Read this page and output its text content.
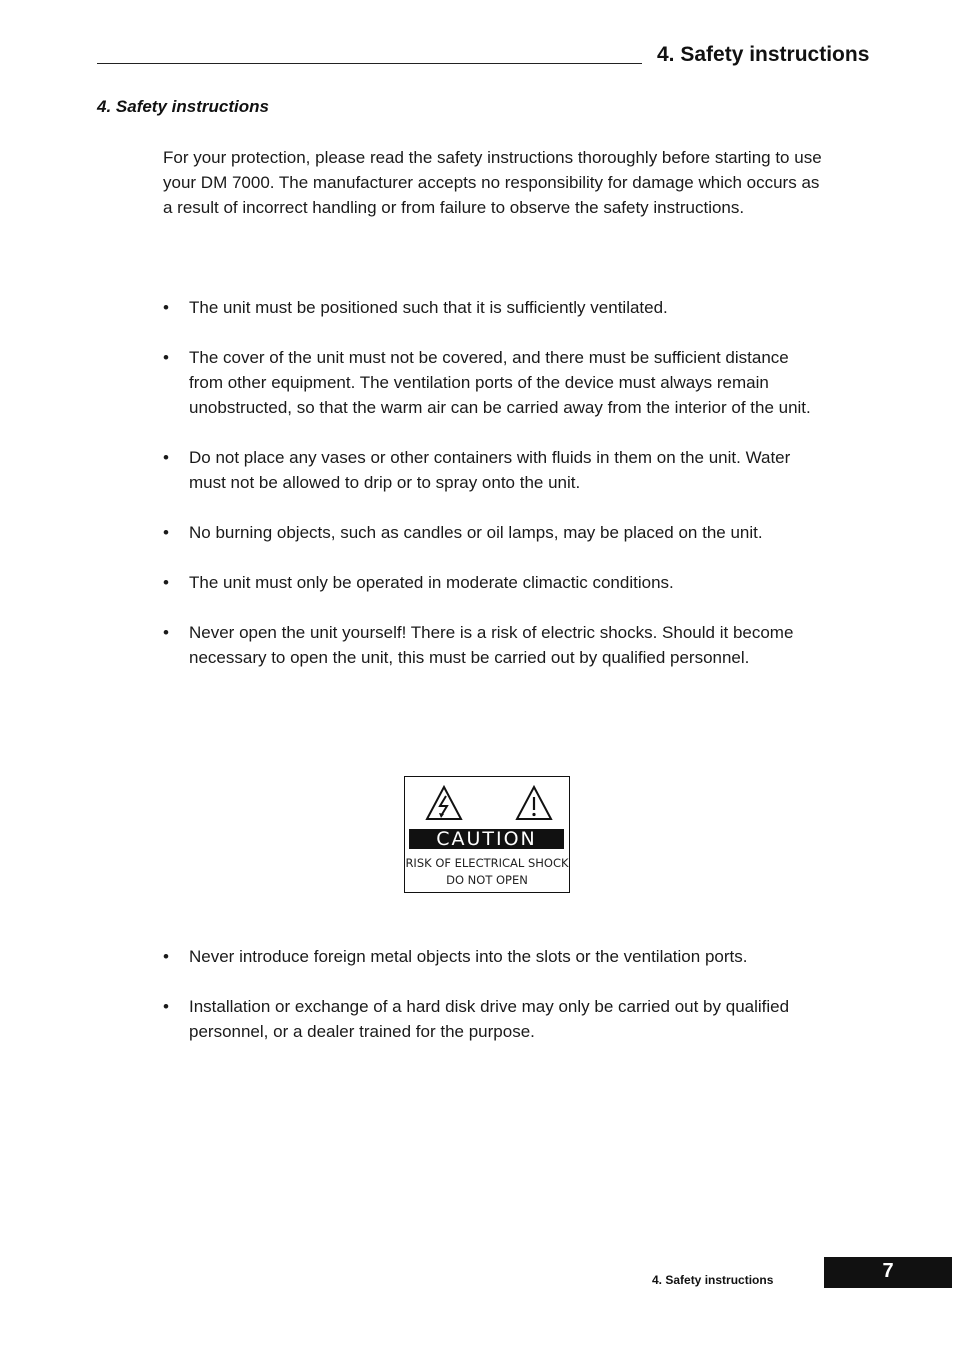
4. Safety instructions
4. Safety instructions

For your protection, please read the safety instructions thoroughly before starting to use your DM 7000. The manufacturer accepts no responsibility for damage which occurs as a result of incorrect handling or from failure to observe the safety instructions.

• The unit must be positioned such that it is sufficiently ventilated.
• The cover of the unit must not be covered, and there must be sufficient distance from other equipment. The ventilation ports of the device must always remain unobstructed, so that the warm air can be carried away from the interior of the unit.
• Do not place any vases or other containers with fluids in them on the unit. Water must not be allowed to drip or to spray onto the unit.
• No burning objects, such as candles or oil lamps, may be placed on the unit.
• The unit must only be operated in moderate climactic conditions.
• Never open the unit yourself! There is a risk of electric shocks. Should it become necessary to open the unit, this must be carried out by qualified personnel.
CAUTION
RISK OF ELECTRICAL SHOCK
DO NOT OPEN
• Never introduce foreign metal objects into the slots or the ventilation ports.
• Installation or exchange of a hard disk drive may only be carried out by qualified personnel, or a dealer trained for the purpose.
4. Safety instructions	7
